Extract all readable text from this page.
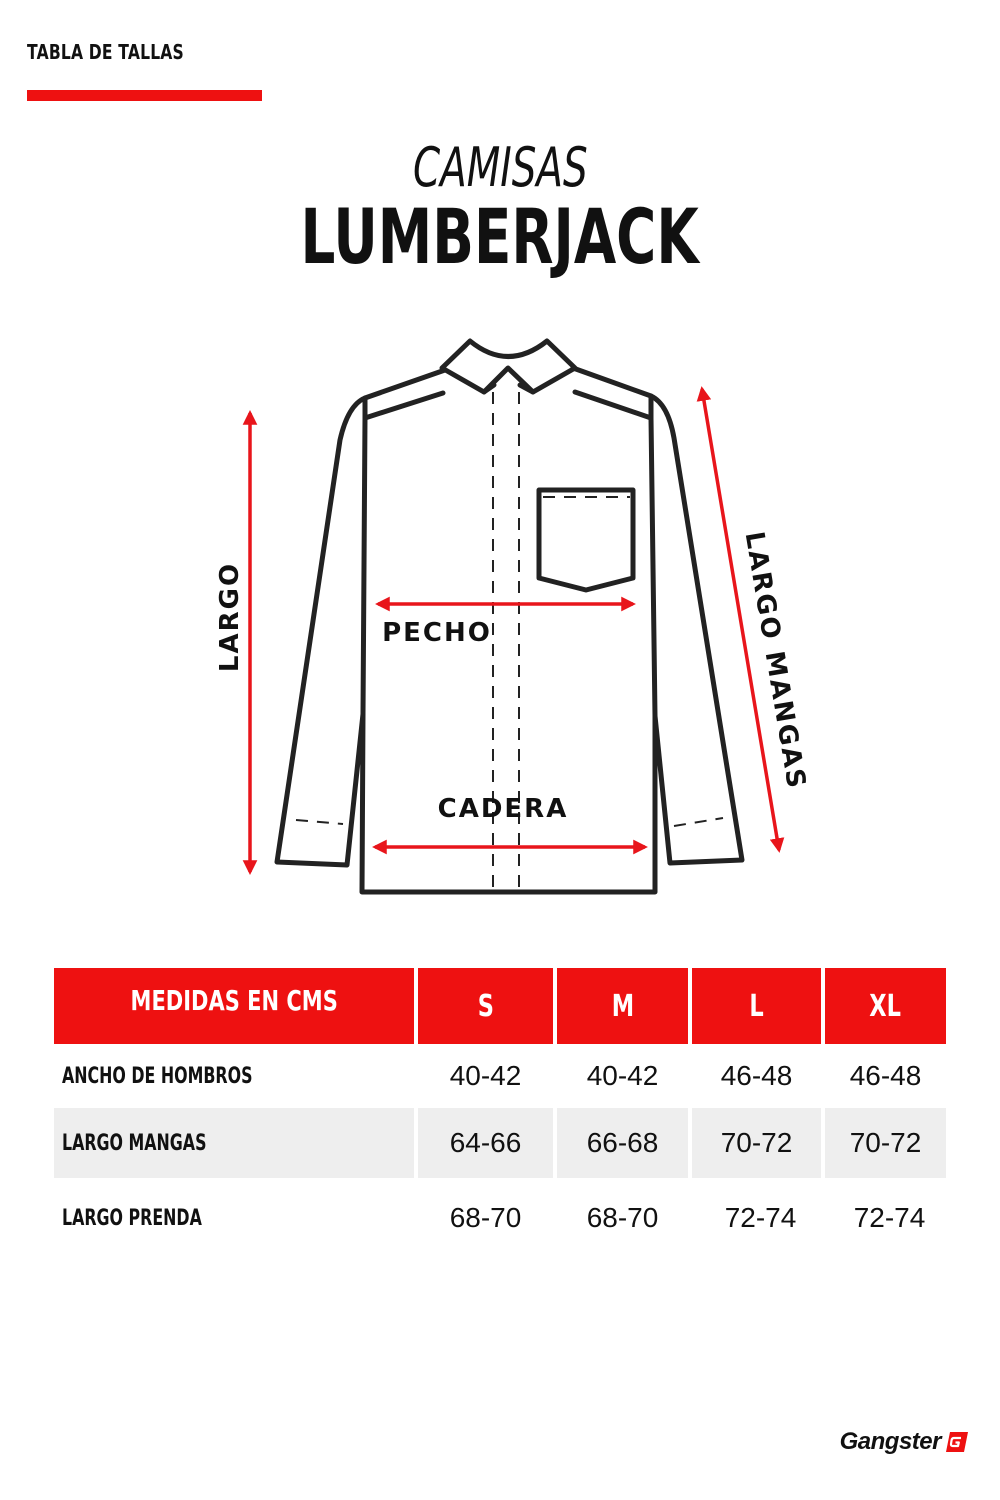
TABLA DE TALLAS
CAMISAS
LUMBERJACK
LARGO	PECHO
CADERA
LARGO MANGAS
MEDIDAS EN CMS	S	M	L	XL
ANCHO DE HOMBROS	40-42	40-42	46-48	46-48
LARGO MANGAS	64-66	66-68	70-72	70-72
LARGO PRENDA	68-70	68-70	72-74	72-74
Gangster
